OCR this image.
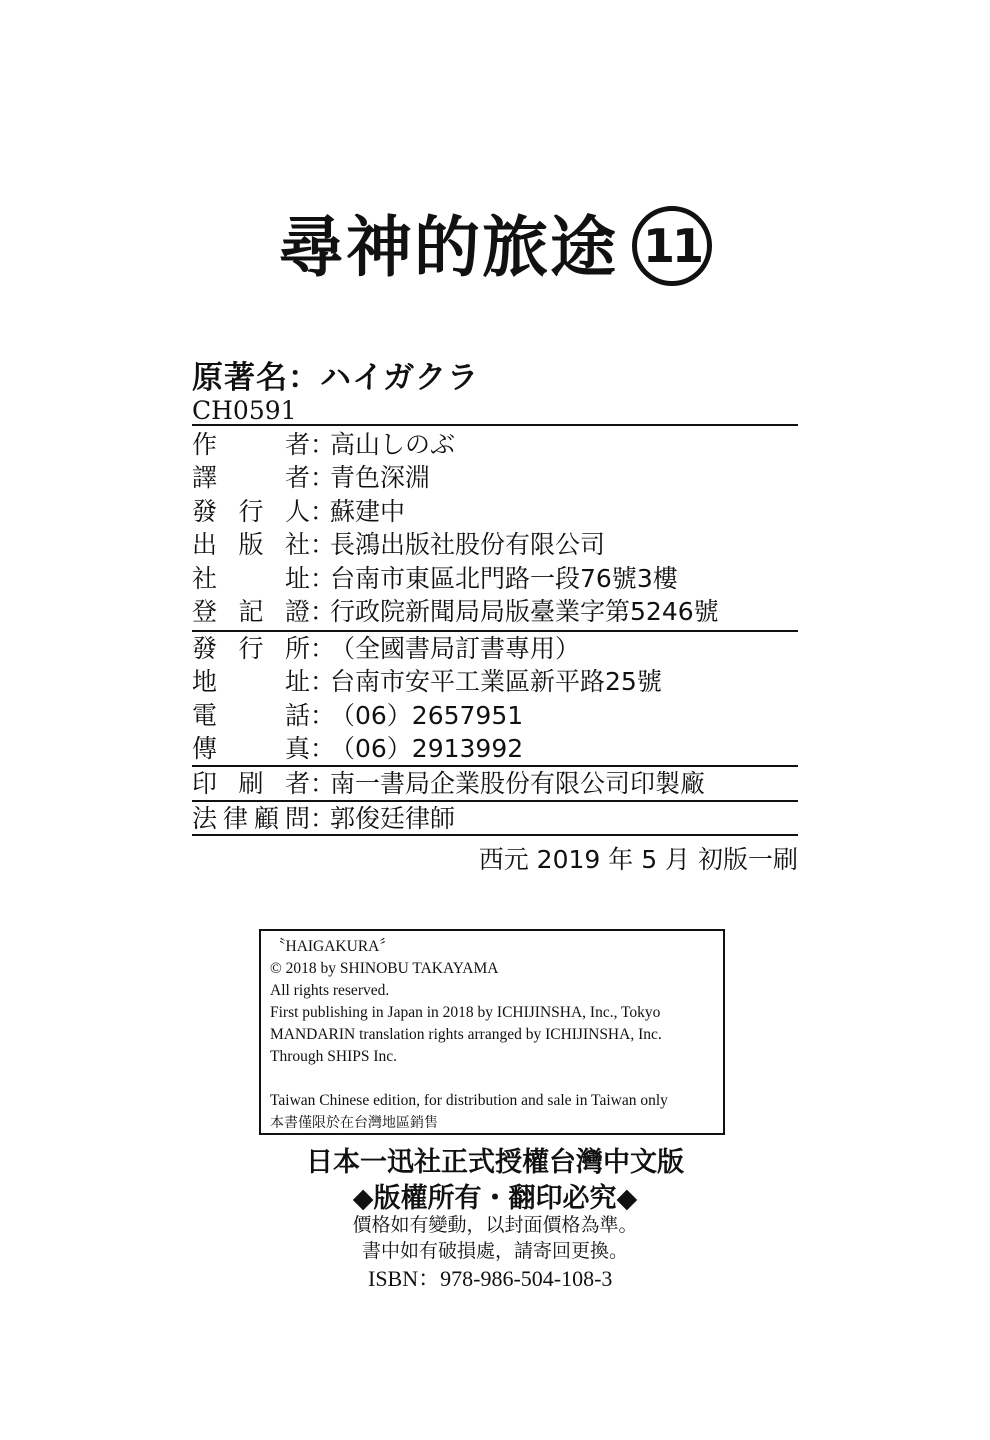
尋神的旅途 11
原著名：ハイガクラ
CH0591
作	者 ：
高山しのぶ
譯	者 ：
青色深淵
發 行 人 ：
蘇建中
出 版 社 ：
長鴻出版社股份有限公司
社	址 ：
台南市東區北門路一段76號3樓
登 記 證 ：
行政院新聞局局版臺業字第5246號
發 行 所 ：
（全國書局訂書專用）
地	址 ：
台南市安平工業區新平路25號
電	話 ：
（06）2657951
傳	真 ：
（06）2913992
印 刷 者 ：
南一書局企業股份有限公司印製廠
法 律 顧 問 ：
郭俊廷律師
西元 2019 年 5 月 初版一刷
〝HAIGAKURA〞
© 2018 by SHINOBU TAKAYAMA
All rights reserved.
First publishing in Japan in 2018 by ICHIJINSHA, Inc., Tokyo
MANDARIN translation rights arranged by ICHIJINSHA, Inc.
Through SHIPS Inc.
Taiwan Chinese edition, for distribution and sale in Taiwan only
本書僅限於在台灣地區銷售
日本一迅社正式授權台灣中文版
◆版權所有・翻印必究◆
價格如有變動，以封面價格為準。
書中如有破損處，請寄回更換。
ISBN：978-986-504-108-3
